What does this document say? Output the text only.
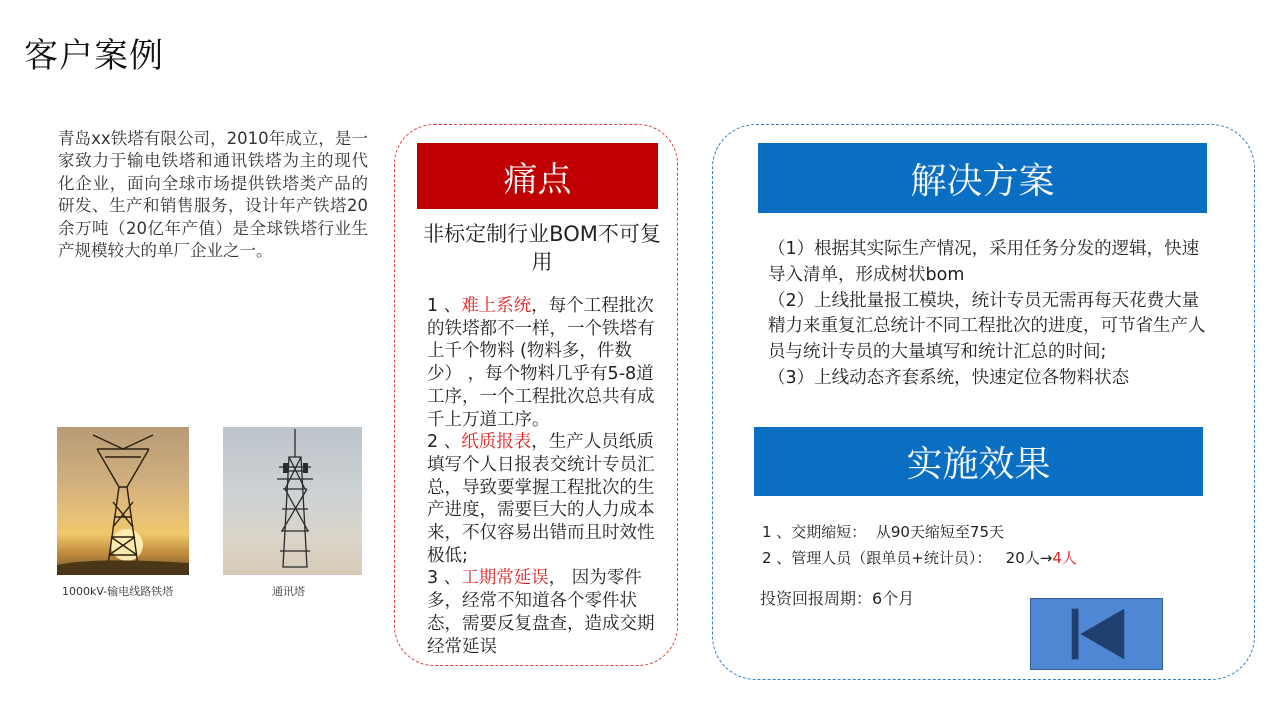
客户案例
青岛xx铁塔有限公司，2010年成立，是一家致力于输电铁塔和通讯铁塔为主的现代化企业，面向全球市场提供铁塔类产品的研发、生产和销售服务，设计年产铁塔20余万吨（20亿年产值）是全球铁塔行业生产规模较大的单厂企业之一。
1000kV-输电线路铁塔	通讯塔
痛点
非标定制行业BOM不可复用

1 、难上系统，每个工程批次的铁塔都不一样，一个铁塔有上千个物料 (物料多，件数少） ，每个物料几乎有5-8道工序，一个工程批次总共有成千上万道工序。

2 、纸质报表，生产人员纸质填写个人日报表交统计专员汇总，导致要掌握工程批次的生产进度，需要巨大的人力成本来，不仅容易出错而且时效性极低;

3 、工期常延误， 因为零件多，经常不知道各个零件状态，需要反复盘查，造成交期经常延误

解决方案

（1）根据其实际生产情况，采用任务分发的逻辑，快速导入清单，形成树状bom

（2）上线批量报工模块，统计专员无需再每天花费大量精力来重复汇总统计不同工程批次的进度，可节省生产人员与统计专员的大量填写和统计汇总的时间;

（3）上线动态齐套系统，快速定位各物料状态

实施效果

1 、交期缩短：  从90天缩短至75天

2 、管理人员（跟单员+统计员）：   20人→4人

投资回报周期：6个月
